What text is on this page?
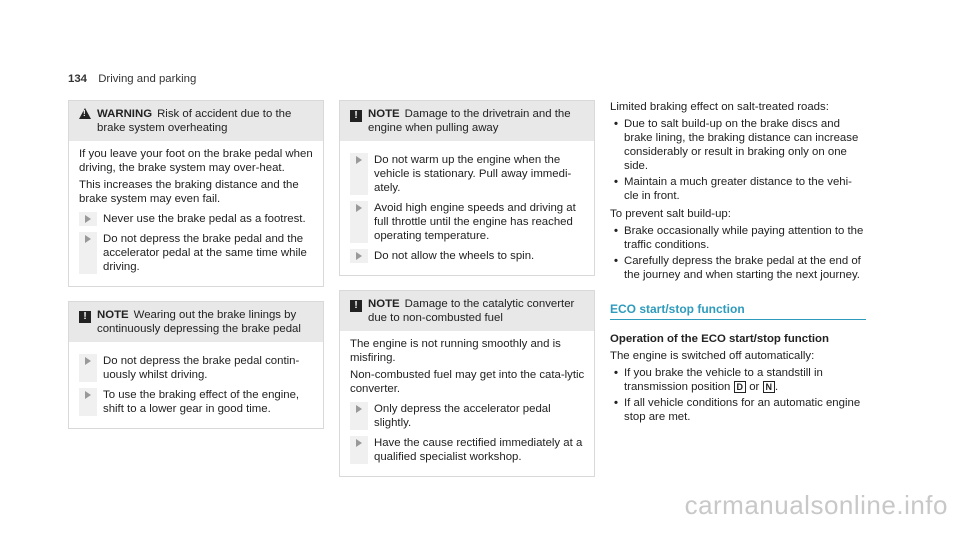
134 Driving and parking
!
WARNING Risk of accident due to the brake system overheating

If you leave your foot on the brake pedal when driving, the brake system may over-heat.

This increases the braking distance and the brake system may even fail.

Never use the brake pedal as a footrest.
Do not depress the brake pedal and the accelerator pedal at the same time while driving.
! NOTE Wearing out the brake linings by continuously depressing the brake pedal
Do not depress the brake pedal contin-uously whilst driving.
To use the braking effect of the engine, shift to a lower gear in good time.
! NOTE Damage to the drivetrain and the engine when pulling away
Do not warm up the engine when the vehicle is stationary. Pull away immedi-ately.
Avoid high engine speeds and driving at full throttle until the engine has reached operating temperature.
Do not allow the wheels to spin.
! NOTE Damage to the catalytic converter due to non-combusted fuel

The engine is not running smoothly and is misfiring.

Non-combusted fuel may get into the cata-lytic converter.

Only depress the accelerator pedal slightly.
Have the cause rectified immediately at a qualified specialist workshop.

Limited braking effect on salt-treated roads:

• Due to salt build-up on the brake discs and brake lining, the braking distance can increase considerably or result in braking only on one side.
• Maintain a much greater distance to the vehi-cle in front.

To prevent salt build-up:

• Brake occasionally while paying attention to the traffic conditions.
• Carefully depress the brake pedal at the end of the journey and when starting the next journey.
ECO start/stop function
Operation of the ECO start/stop function

The engine is switched off automatically:

• If you brake the vehicle to a standstill in transmission position D or N .
• If all vehicle conditions for an automatic engine stop are met.
carmanualsonline.info
